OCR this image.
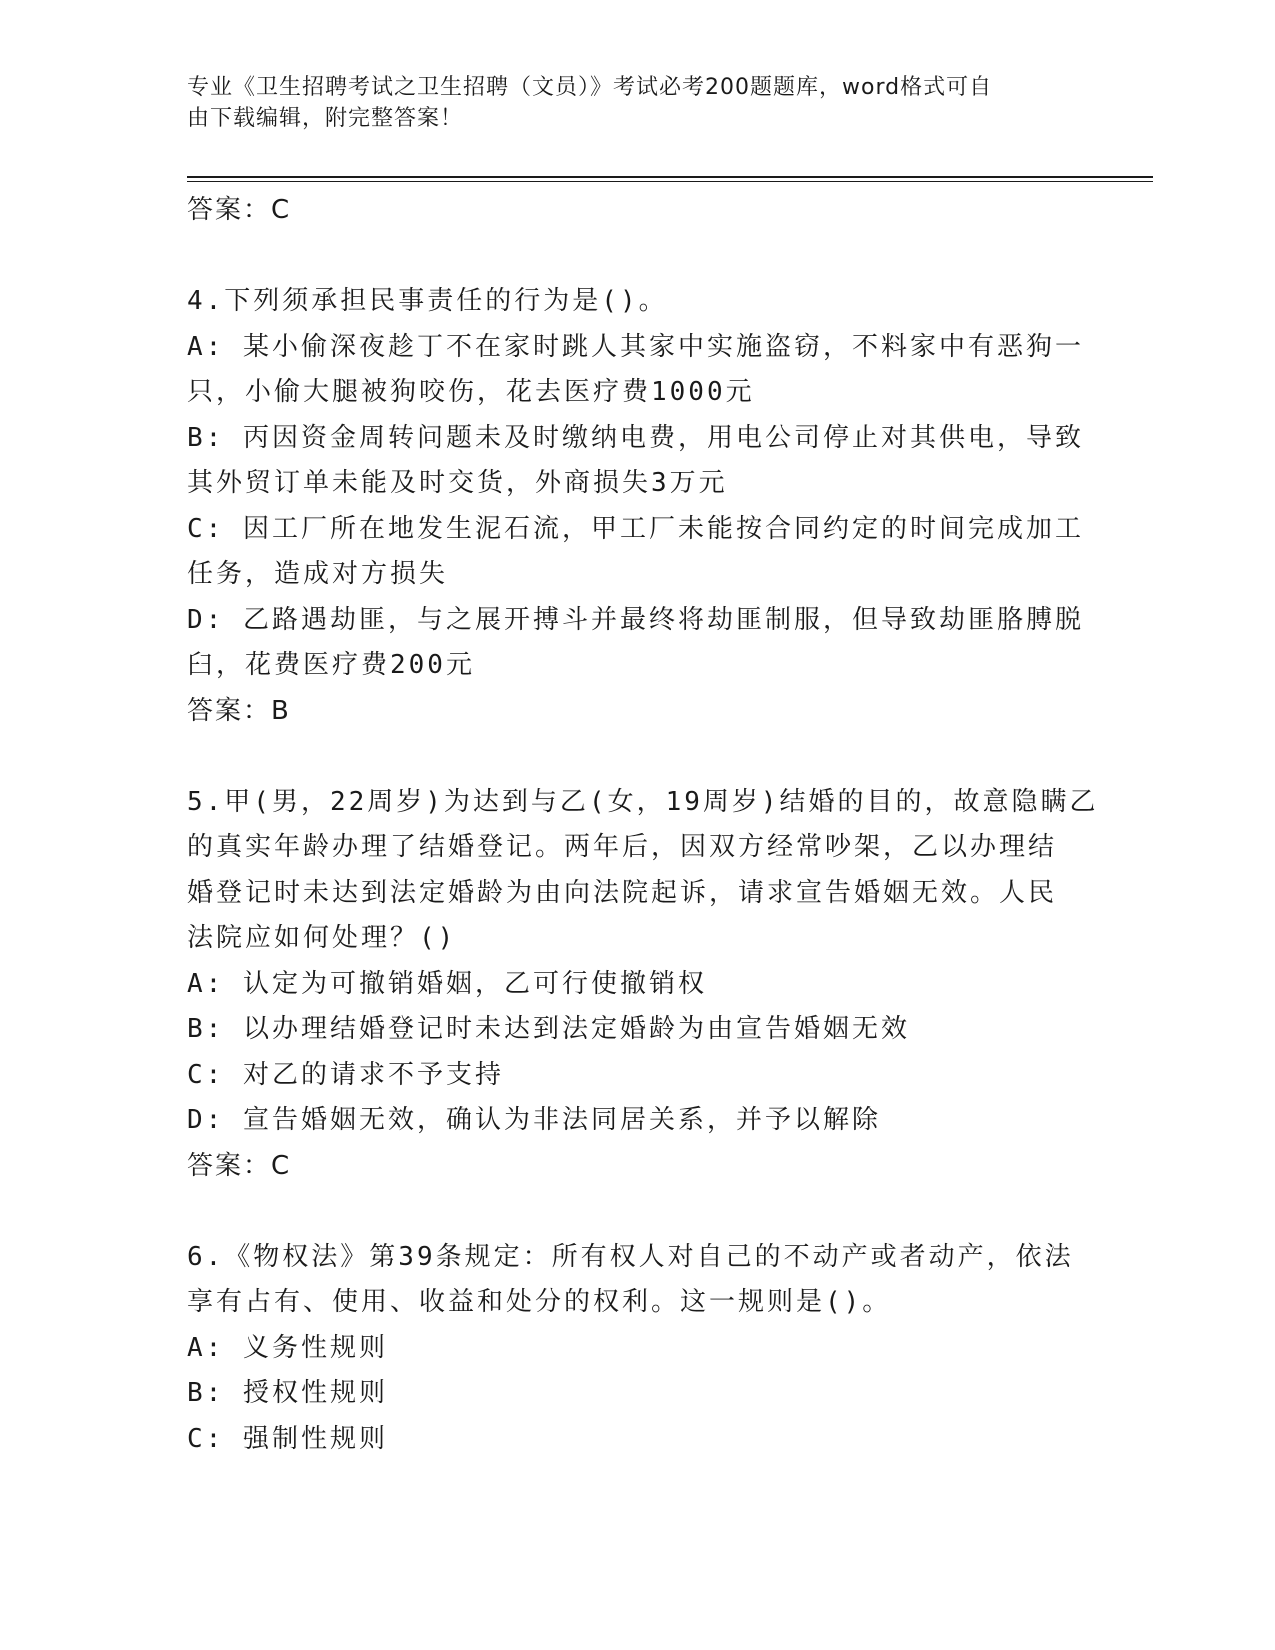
专业《卫生招聘考试之卫生招聘（文员）》考试必考200题题库，word格式可自
由下载编辑，附完整答案！

答案：C

4.下列须承担民事责任的行为是()。

A: 某小偷深夜趁丁不在家时跳人其家中实施盗窃，不料家中有恶狗一

只，小偷大腿被狗咬伤，花去医疗费1000元

B: 丙因资金周转问题未及时缴纳电费，用电公司停止对其供电，导致

其外贸订单未能及时交货，外商损失3万元

C: 因工厂所在地发生泥石流，甲工厂未能按合同约定的时间完成加工

任务，造成对方损失

D: 乙路遇劫匪，与之展开搏斗并最终将劫匪制服，但导致劫匪胳膊脱

臼，花费医疗费200元

答案：B

5.甲(男，22周岁)为达到与乙(女，19周岁)结婚的目的，故意隐瞒乙

的真实年龄办理了结婚登记。两年后，因双方经常吵架，乙以办理结

婚登记时未达到法定婚龄为由向法院起诉，请求宣告婚姻无效。人民

法院应如何处理？()

A: 认定为可撤销婚姻，乙可行使撤销权

B: 以办理结婚登记时未达到法定婚龄为由宣告婚姻无效

C: 对乙的请求不予支持

D: 宣告婚姻无效，确认为非法同居关系，并予以解除

答案：C

6.《物权法》第39条规定：所有权人对自己的不动产或者动产，依法

享有占有、使用、收益和处分的权利。这一规则是()。

A: 义务性规则

B: 授权性规则

C: 强制性规则
